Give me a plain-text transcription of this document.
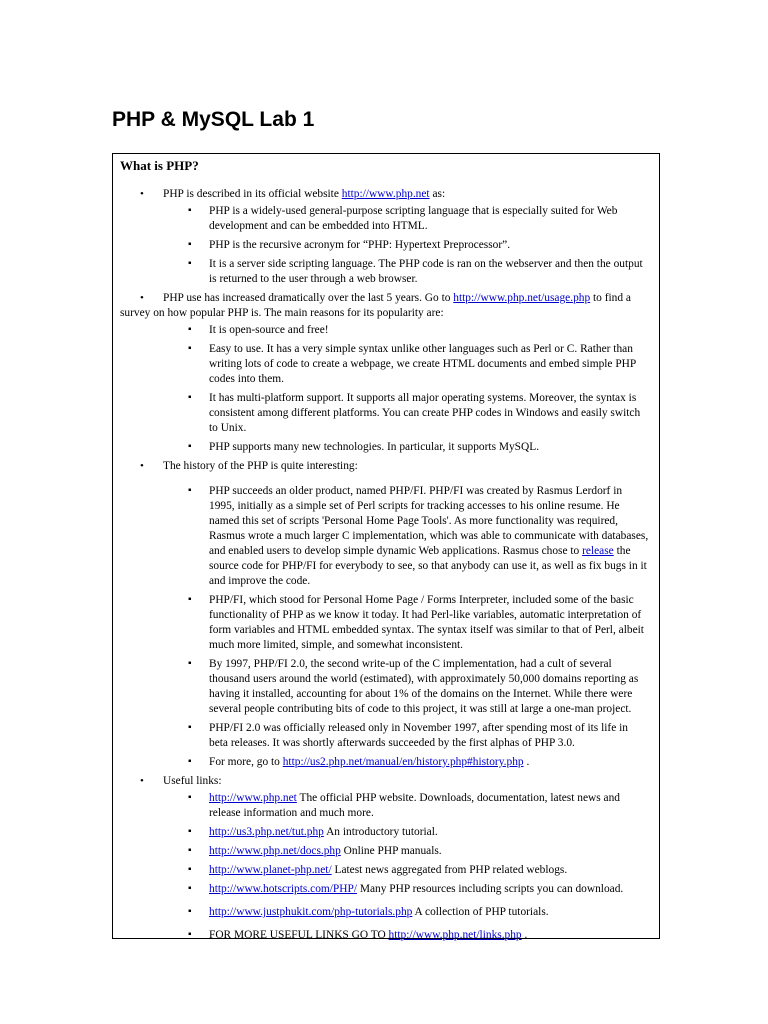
PHP & MySQL Lab 1
What is PHP?
• PHP is described in its official website http://www.php.net as:
▪ PHP is a widely-used general-purpose scripting language that is especially suited for Web development and can be embedded into HTML.
▪ PHP is the recursive acronym for “PHP: Hypertext Preprocessor”.
▪ It is a server side scripting language. The PHP code is ran on the webserver and then the output is returned to the user through a web browser.
•	PHP use has increased dramatically over the last 5 years. Go to http://www.php.net/usage.php to find a survey on how popular PHP is. The main reasons for its popularity are:
▪ It is open-source and free!
▪ Easy to use. It has a very simple syntax unlike other languages such as Perl or C. Rather than writing lots of code to create a webpage, we create HTML documents and embed simple PHP codes into them.
▪ It has multi-platform support. It supports all major operating systems. Moreover, the syntax is consistent among different platforms. You can create PHP codes in Windows and easily switch to Unix.
▪ PHP supports many new technologies. In particular, it supports MySQL.
• The history of the PHP is quite interesting:
▪ PHP succeeds an older product, named PHP/FI. PHP/FI was created by Rasmus Lerdorf in 1995, initially as a simple set of Perl scripts for tracking accesses to his online resume. He named this set of scripts 'Personal Home Page Tools'. As more functionality was required, Rasmus wrote a much larger C implementation, which was able to communicate with databases, and enabled users to develop simple dynamic Web applications. Rasmus chose to release the source code for PHP/FI for everybody to see, so that anybody can use it, as well as fix bugs in it and improve the code.
▪ PHP/FI, which stood for Personal Home Page / Forms Interpreter, included some of the basic functionality of PHP as we know it today. It had Perl-like variables, automatic interpretation of form variables and HTML embedded syntax. The syntax itself was similar to that of Perl, albeit much more limited, simple, and somewhat inconsistent.
▪ By 1997, PHP/FI 2.0, the second write-up of the C implementation, had a cult of several thousand users around the world (estimated), with approximately 50,000 domains reporting as having it installed, accounting for about 1% of the domains on the Internet. While there were several people contributing bits of code to this project, it was still at large a one-man project.
▪ PHP/FI 2.0 was officially released only in November 1997, after spending most of its life in beta releases. It was shortly afterwards succeeded by the first alphas of PHP 3.0.
▪ For more, go to http://us2.php.net/manual/en/history.php#history.php .
• Useful links:
▪ http://www.php.net The official PHP website. Downloads, documentation, latest news and release information and much more.
▪ http://us3.php.net/tut.php An introductory tutorial.
▪ http://www.php.net/docs.php Online PHP manuals.
▪ http://www.planet-php.net/ Latest news aggregated from PHP related weblogs.
▪ http://www.hotscripts.com/PHP/ Many PHP resources including scripts you can download.
▪ http://www.justphukit.com/php-tutorials.php A collection of PHP tutorials.
▪ FOR MORE USEFUL LINKS GO TO http://www.php.net/links.php .
